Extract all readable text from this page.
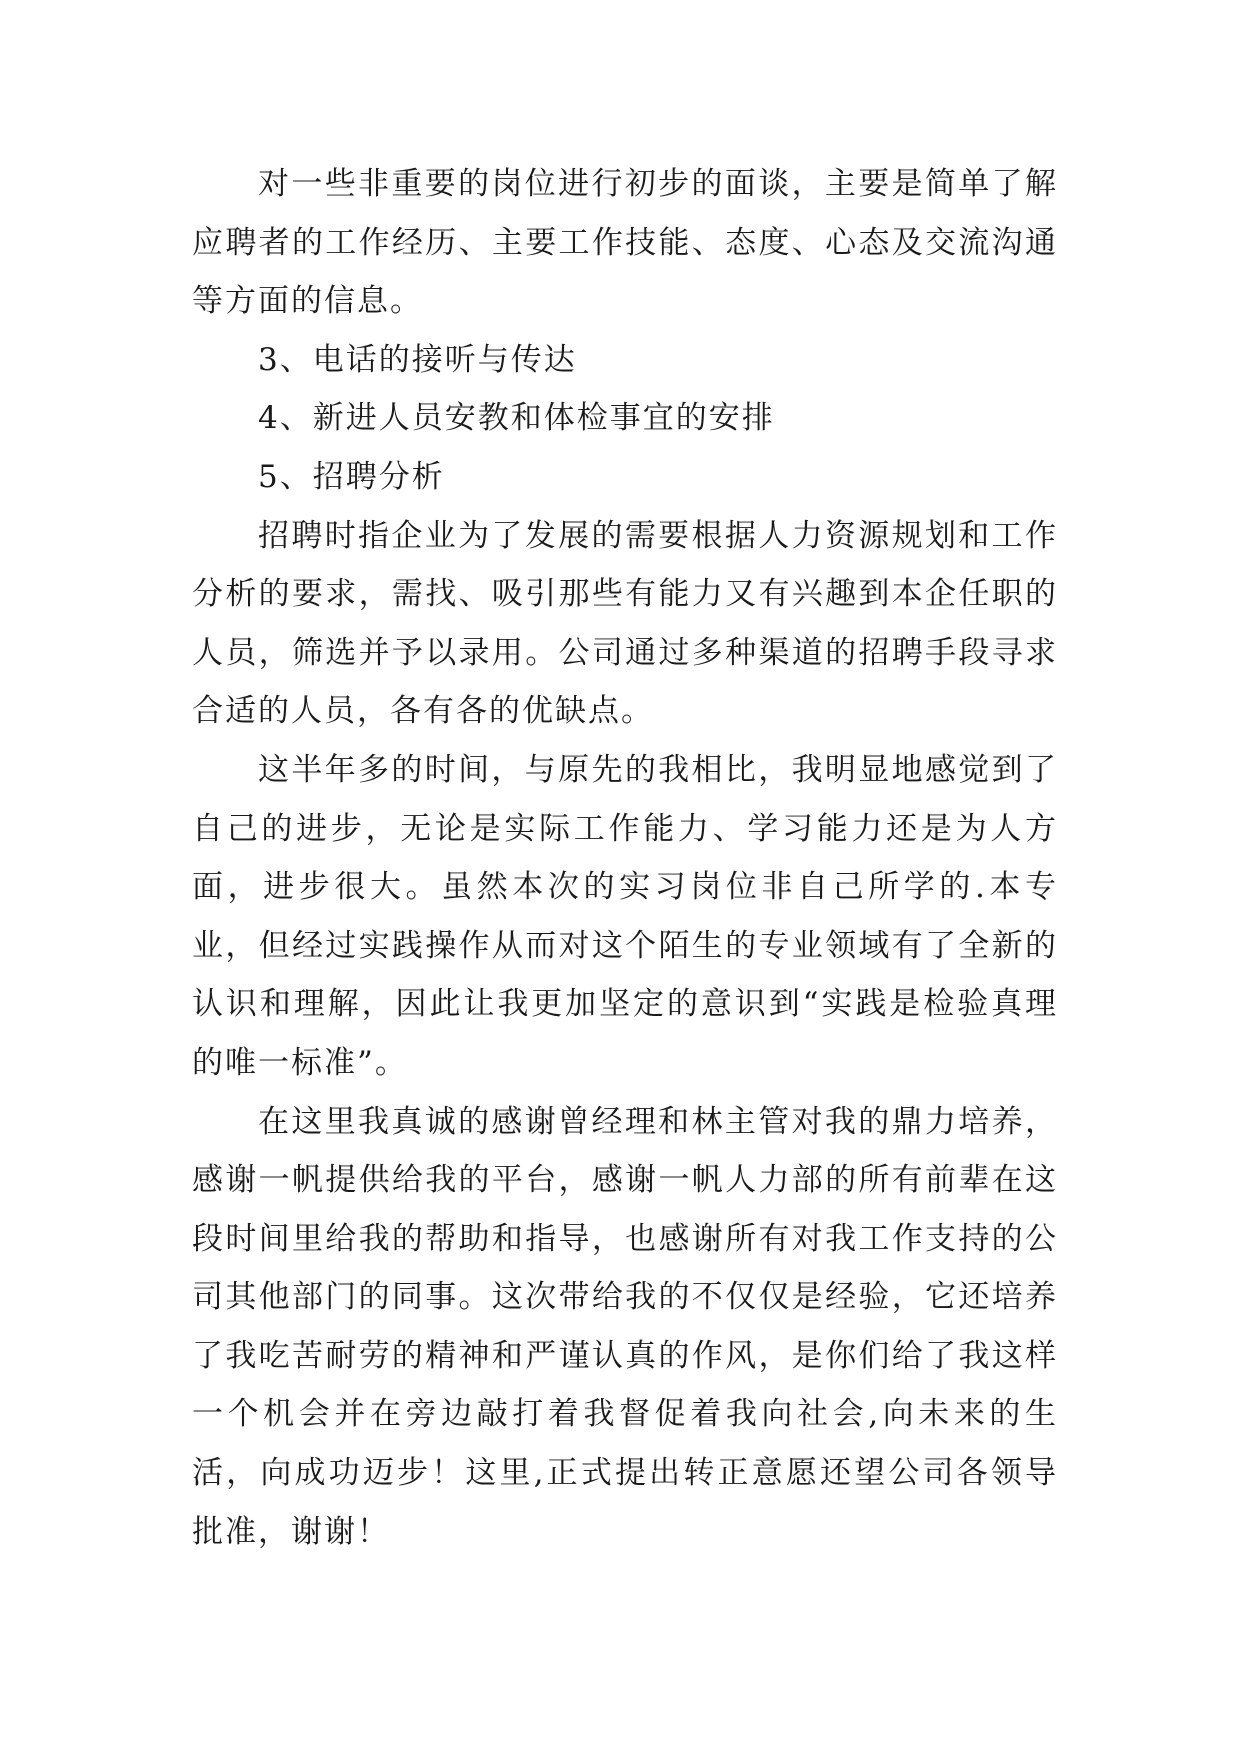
对一些非重要的岗位进行初步的面谈，主要是简单了解应聘者的工作经历、主要工作技能、态度、心态及交流沟通等方面的信息。

3、电话的接听与传达

4、新进人员安教和体检事宜的安排

5、招聘分析

招聘时指企业为了发展的需要根据人力资源规划和工作分析的要求，需找、吸引那些有能力又有兴趣到本企任职的人员，筛选并予以录用。公司通过多种渠道的招聘手段寻求合适的人员，各有各的优缺点。

这半年多的时间，与原先的我相比，我明显地感觉到了自己的进步，无论是实际工作能力、学习能力还是为人方面，进步很大。虽然本次的实习岗位非自己所学的.本专业，但经过实践操作从而对这个陌生的专业领域有了全新的认识和理解，因此让我更加坚定的意识到“实践是检验真理的唯一标准”。

在这里我真诚的感谢曾经理和林主管对我的鼎力培养，感谢一帆提供给我的平台，感谢一帆人力部的所有前辈在这段时间里给我的帮助和指导，也感谢所有对我工作支持的公司其他部门的同事。这次带给我的不仅仅是经验，它还培养了我吃苦耐劳的精神和严谨认真的作风，是你们给了我这样一个机会并在旁边敲打着我督促着我向社会,向未来的生活，向成功迈步！这里,正式提出转正意愿还望公司各领导批准，谢谢！
